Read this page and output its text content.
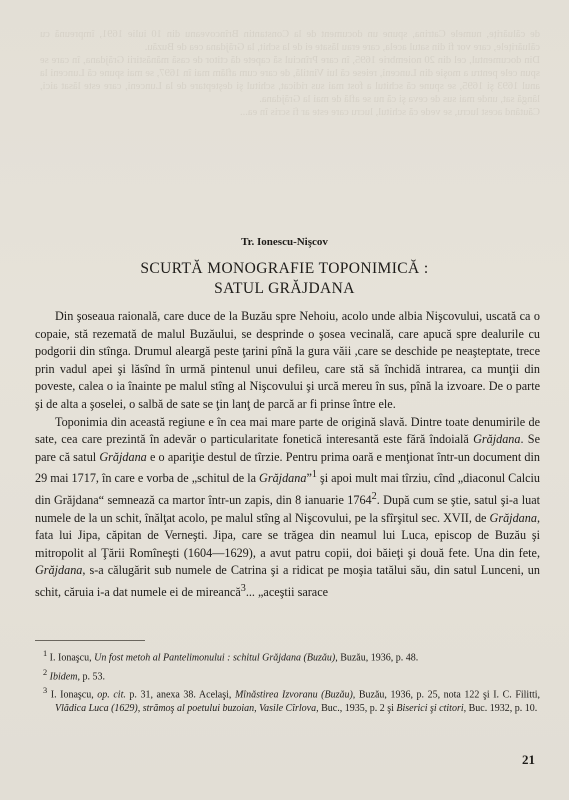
de căluărițe, numele Catrina, spune un document de la Constantin Brîncoveanu din 10 iulie 1691, împreună cu căluărițele, care vor fi din satul acela, care erau lăsate ei de la schit, la Grăjdana cea de Buzău.

Din documentul, cel din 20 noiembrie 1695, în care Prînciul să capete dă ctitor de casă mănăstirii Grăjdana, în care se spun cele pentru a moşie din Lunceni, reiese că lui Vintilă, de care cum aflăm mai în 1697, se mai spune că Lunceni la anul 1693 şi 1695, se spune că schitul a fost mai sus ridicat, schitul şi deşteptare de la Lunceni, care este lăsat aici, lângă sat, unde mai sus de ceva şi că nu se află de mai la Grăjdana.

Căutând acest lucru, se vede că schitul, lucru care este ar fi scris în ea...

Tr. Ionescu-Nişcov
SCURTĂ MONOGRAFIE TOPONIMICĂ :
SATUL GRĂJDANA

Din şoseaua raională, care duce de la Buzău spre Nehoiu, acolo unde albia Nişcovului, uscată ca o copaie, stă rezemată de malul Buzăului, se desprinde o şosea vecinală, care apucă spre dealurile cu podgorii din stînga. Drumul aleargă peste ţarini pînă la gura văii ,care se deschide pe neaşteptate, trece prin vadul apei şi lăsînd în urmă pintenul unui defileu, care stă să închidă intrarea, ca munţii din poveste, calea o ia înainte pe malul stîng al Nişcovului şi urcă mereu în sus, pînă la izvoare. De o parte şi de alta a şoselei, o salbă de sate se ţin lanţ de parcă ar fi prinse între ele.

Toponimia din această regiune e în cea mai mare parte de origină slavă. Dintre toate denumirile de sate, cea care prezintă în adevăr o particularitate fonetică interesantă este fără îndoială Grăjdana. Se pare că satul Grăjdana e o apariţie destul de tîrzie. Pentru prima oară e menţionat într-un document din 29 mai 1717, în care e vorba de „schitul de la Grăjdana”$^1$ şi apoi mult mai tîrziu, cînd „diaconul Calciu din Grăjdana“ semnează ca martor într-un zapis, din 8 ianuarie 1764$^2$. După cum se ştie, satul şi-a luat numele de la un schit, înălţat acolo, pe malul stîng al Nişcovului, pe la sfîrşitul sec. XVII, de Grăjdana, fata lui Jipa, căpitan de Verneşti. Jipa, care se trăgea din neamul lui Luca, episcop de Buzău şi mitropolit al Ţării Romîneşti (1604—1629), a avut patru copii, doi băieţi şi două fete. Una din fete, Grăjdana, s-a călugărit sub numele de Catrina şi a ridicat pe moşia tatălui său, din satul Lunceni, un schit, căruia i-a dat numele ei de mireancă$^3$... „aceştii sarace

$^1$ I. Ionaşcu, Un fost metoh al Pantelimonului : schitul Grăjdana (Buzău), Buzău, 1936, p. 48.

$^2$ Ibidem, p. 53.

$^3$ I. Ionaşcu, op. cit. p. 31, anexa 38. Acelaşi, Mînăstirea Izvoranu (Buzău), Buzău, 1936, p. 25, nota 122 şi I. C. Filitti, Vlădica Luca (1629), strămoş al poetului buzoian, Vasile Cîrlova, Buc., 1935, p. 2 şi Biserici şi ctitori, Buc. 1932, p. 10.

21
